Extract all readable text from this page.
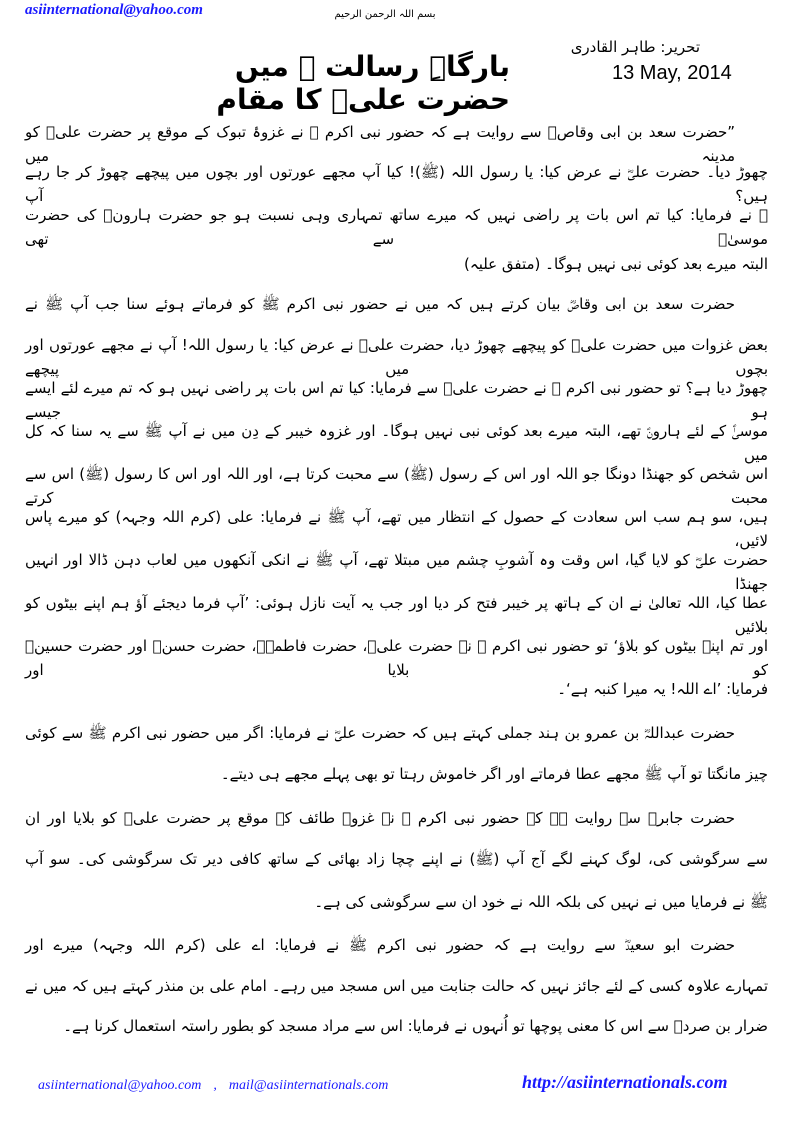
asiinternational@yahoo.com	بسم اللہ الرحمن الرحیم
بارگاہِ رسالت ﷺ میں حضرت علیؓ کا مقام
تحریر: طاہر القادری
13 May, 2014
”حضرت سعد بن ابی وقاصؓ سے روایت ہے کہ حضور نبی اکرم ﷺ نے غزوۂ تبوک کے موقع پر حضرت علیؓ کو مدینہ میں
چھوڑ دیا۔ حضرت علیؓ نے عرض کیا: یا رسول اللہ (ﷺ)! کیا آپ مجھے عورتوں اور بچوں میں پیچھے چھوڑ کر جا رہے ہیں؟ آپ
ﷺ نے فرمایا: کیا تم اس بات پر راضی نہیں کہ میرے ساتھ تمہاری وہی نسبت ہو جو حضرت ہارونؑ کی حضرت موسیٰؑ سے تھی
البتہ میرے بعد کوئی نبی نہیں ہوگا۔ (متفق علیہ)
حضرت سعد بن ابی وقاصؓ بیان کرتے ہیں کہ میں نے حضور نبی اکرم ﷺ کو فرماتے ہوئے سنا جب آپ ﷺ نے
بعض غزوات میں حضرت علیؓ کو پیچھے چھوڑ دیا، حضرت علیؓ نے عرض کیا: یا رسول اللہ! آپ نے مجھے عورتوں اور بچوں میں پیچھے
چھوڑ دیا ہے؟ تو حضور نبی اکرم ﷺ نے حضرت علیؓ سے فرمایا: کیا تم اس بات پر راضی نہیں ہو کہ تم میرے لئے ایسے ہو جیسے
موسیٰؑ کے لئے ہارونؑ تھے، البتہ میرے بعد کوئی نبی نہیں ہوگا۔ اور غزوہ خیبر کے دِن میں نے آپ ﷺ سے یہ سنا کہ کل میں
اس شخص کو جھنڈا دونگا جو اللہ اور اس کے رسول (ﷺ) سے محبت کرتا ہے، اور اللہ اور اس کا رسول (ﷺ) اس سے محبت کرتے
ہیں، سو ہم سب اس سعادت کے حصول کے انتظار میں تھے، آپ ﷺ نے فرمایا: علی (کرم اللہ وجہہ) کو میرے پاس لائیں،
حضرت علیؓ کو لایا گیا، اس وقت وہ آشوبِ چشم میں مبتلا تھے، آپ ﷺ نے انکی آنکھوں میں لعاب دہن ڈالا اور انہیں جھنڈا
عطا کیا، اللہ تعالیٰ نے ان کے ہاتھ پر خیبر فتح کر دیا اور جب یہ آیت نازل ہوئی: ’آپ فرما دیجئے آؤ ہم اپنے بیٹوں کو بلائیں
اور تم اپنے بیٹوں کو بلاؤ‘ تو حضور نبی اکرم ﷺ نے حضرت علیؓ، حضرت فاطمہؓ، حضرت حسنؓ اور حضرت حسینؓ کو بلایا اور
فرمایا: ’اے اللہ! یہ میرا کنبہ ہے‘۔
حضرت عبداللہؓ بن عمرو بن ہند جملی کہتے ہیں کہ حضرت علیؓ نے فرمایا: اگر میں حضور نبی اکرم ﷺ سے کوئی
چیز مانگتا تو آپ ﷺ مجھے عطا فرماتے اور اگر خاموش رہتا تو بھی پہلے مجھے ہی دیتے۔
حضرت جابرؓ سے روایت ہے کہ حضور نبی اکرم ﷺ نے غزوۂ طائف کے موقع پر حضرت علیؓ کو بلایا اور ان
سے سرگوشی کی، لوگ کہنے لگے آج آپ (ﷺ) نے اپنے چچا زاد بھائی کے ساتھ کافی دیر تک سرگوشی کی۔ سو آپ
ﷺ نے فرمایا میں نے نہیں کی بلکہ اللہ نے خود ان سے سرگوشی کی ہے۔
حضرت ابو سعیدؓ سے روایت ہے کہ حضور نبی اکرم ﷺ نے فرمایا: اے علی (کرم اللہ وجہہ) میرے اور
تمہارے علاوہ کسی کے لئے جائز نہیں کہ حالت جنابت میں اس مسجد میں رہے۔ امام علی بن منذر کہتے ہیں کہ میں نے
ضرار بن صردؓ سے اس کا معنی پوچھا تو اُنہوں نے فرمایا: اس سے مراد مسجد کو بطور راستہ استعمال کرنا ہے۔
asiinternational@yahoo.com , mail@asiinternationals.com	http://asiinternationals.com
